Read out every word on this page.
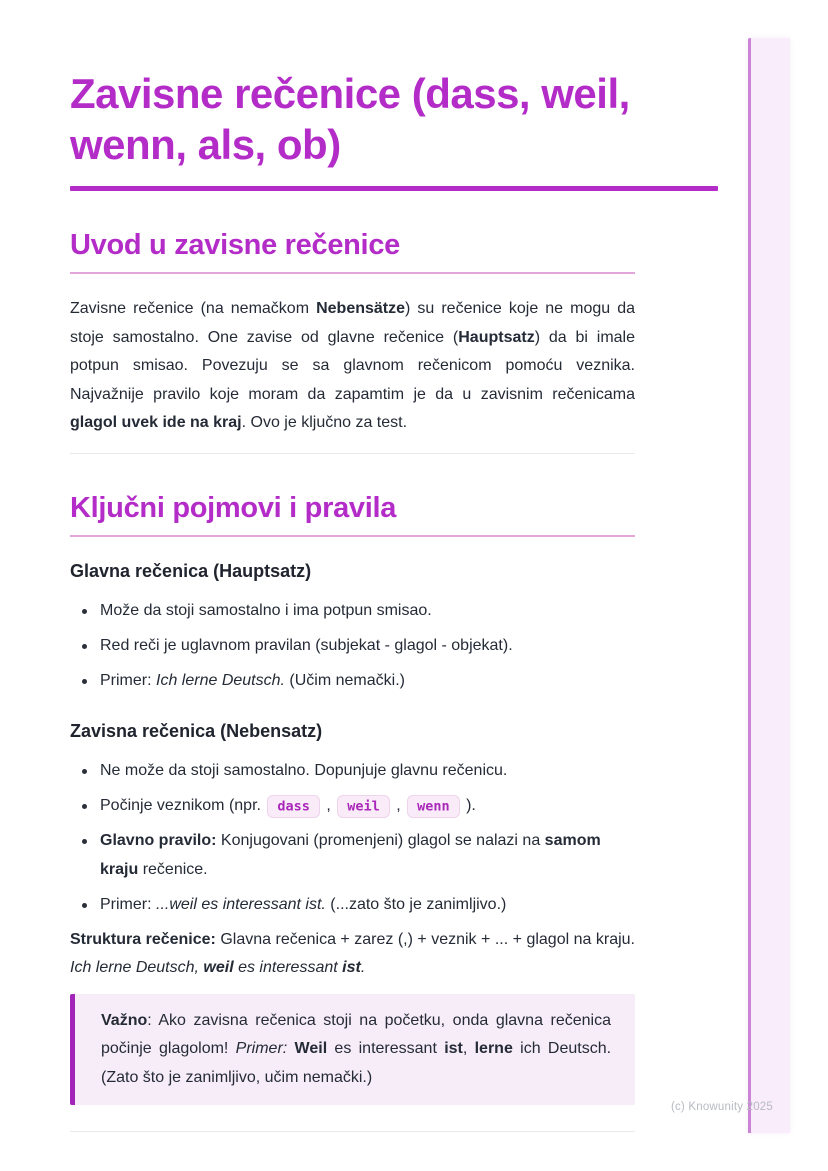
Zavisne rečenice (dass, weil, wenn, als, ob)
Uvod u zavisne rečenice

Zavisne rečenice (na nemačkom Nebensätze) su rečenice koje ne mogu da stoje samostalno. One zavise od glavne rečenice (Hauptsatz) da bi imale potpun smisao. Povezuju se sa glavnom rečenicom pomoću veznika. Najvažnije pravilo koje moram da zapamtim je da u zavisnim rečenicama glagol uvek ide na kraj. Ovo je ključno za test.

Ključni pojmovi i pravila
Glavna rečenica (Hauptsatz)
Može da stoji samostalno i ima potpun smisao.
Red reči je uglavnom pravilan (subjekat - glagol - objekat).
Primer: Ich lerne Deutsch. (Učim nemački.)
Zavisna rečenica (Nebensatz)
Ne može da stoji samostalno. Dopunjuje glavnu rečenicu.
Počinje veznikom (npr. dass , weil , wenn ).
Glavno pravilo: Konjugovani (promenjeni) glagol se nalazi na samom kraju rečenice.
Primer: ...weil es interessant ist. (...zato što je zanimljivo.)

Struktura rečenice: Glavna rečenica + zarez (,) + veznik + ... + glagol na kraju. Ich lerne Deutsch, weil es interessant ist.

Važno: Ako zavisna rečenica stoji na početku, onda glavna rečenica počinje glagolom! Primer: Weil es interessant ist, lerne ich Deutsch. (Zato što je zanimljivo, učim nemački.)

(c) Knowunity 2025
